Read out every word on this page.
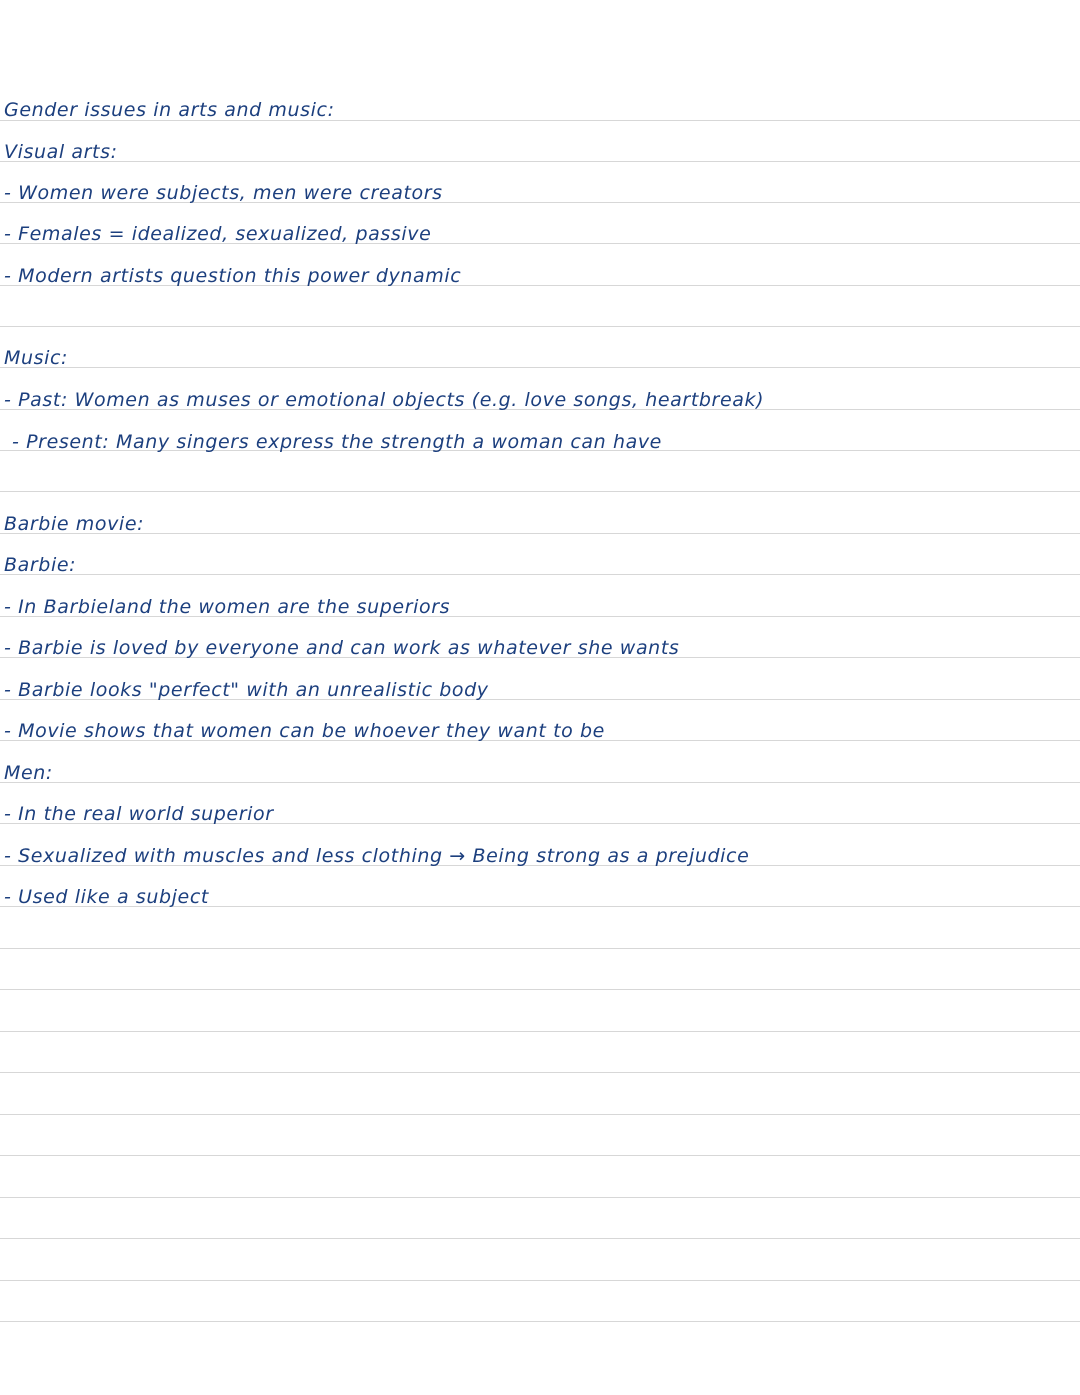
Gender issues in arts and music:
Visual arts:
- Women were subjects, men were creators
- Females = idealized, sexualized, passive
- Modern artists question this power dynamic
Music:
- Past: Women as muses or emotional objects (e.g. love songs, heartbreak)
- Present: Many singers express the strength a woman can have
Barbie movie:
Barbie:
- In Barbieland the women are the superiors
- Barbie is loved by everyone and can work as whatever she wants
- Barbie looks "perfect" with an unrealistic body
- Movie shows that women can be whoever they want to be
Men:
- In the real world superior
- Sexualized with muscles and less clothing → Being strong as a prejudice
- Used like a subject
